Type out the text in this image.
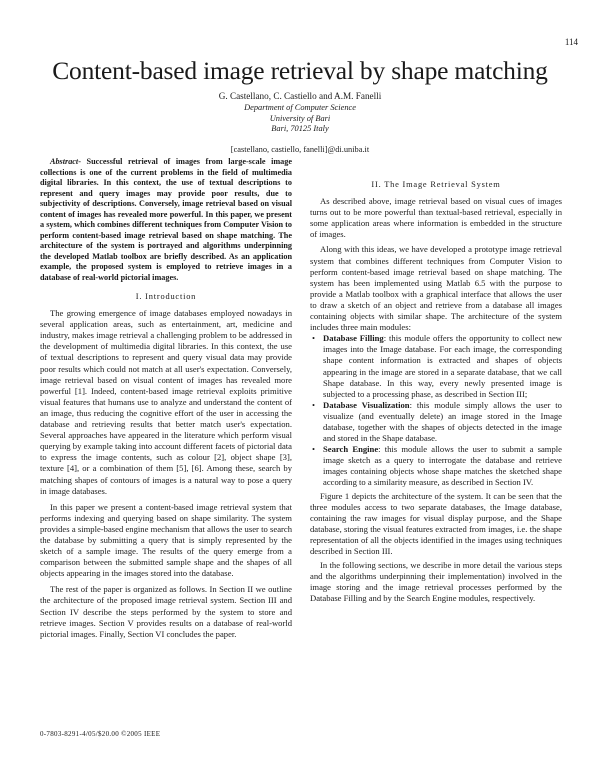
114
Content-based image retrieval by shape matching
G. Castellano, C. Castiello and A.M. Fanelli
Department of Computer Science
University of Bari
Bari, 70125 Italy
[castellano, castiello, fanelli]@di.uniba.it

Abstract- Successful retrieval of images from large-scale image collections is one of the current problems in the field of multimedia digital libraries. In this context, the use of textual descriptions to represent and query images may provide poor results, due to subjectivity of descriptions. Conversely, image retrieval based on visual content of images has revealed more powerful. In this paper, we present a system, which combines different techniques from Computer Vision to perform content-based image retrieval based on shape matching. The architecture of the system is portrayed and algorithms underpinning the developed Matlab toolbox are briefly described. As an application example, the proposed system is employed to retrieve images in a database of real-world pictorial images.

I. Introduction

The growing emergence of image databases employed nowadays in several application areas, such as entertainment, art, medicine and industry, makes image retrieval a challenging problem to be addressed in the development of multimedia digital libraries. In this context, the use of textual descriptions to represent and query visual data may provide poor results which could not match at all user's expectation. Conversely, image retrieval based on visual content of images has revealed more powerful [1]. Indeed, content-based image retrieval exploits primitive visual features that humans use to analyze and understand the content of an image, thus reducing the cognitive effort of the user in accessing the database and retrieving results that better match user's expectation. Several approaches have appeared in the literature which perform visual querying by example taking into account different facets of pictorial data to express the image contents, such as colour [2], object shape [3], texture [4], or a combination of them [5], [6]. Among these, search by matching shapes of contours of images is a natural way to pose a query in image databases.

In this paper we present a content-based image retrieval system that performs indexing and querying based on shape similarity. The system provides a simple-based engine mechanism that allows the user to search the database by submitting a query that is simply represented by the sketch of a sample image. The results of the query emerge from a comparison between the submitted sample shape and the shapes of all objects appearing in the images stored into the database.

The rest of the paper is organized as follows. In Section II we outline the architecture of the proposed image retrieval system. Section III and Section IV describe the steps performed by the system to store and retrieve images. Section V provides results on a database of real-world pictorial images. Finally, Section VI concludes the paper.

II. The Image Retrieval System

As described above, image retrieval based on visual cues of images turns out to be more powerful than textual-based retrieval, especially in some application areas where information is embedded in the structure of images.

Along with this ideas, we have developed a prototype image retrieval system that combines different techniques from Computer Vision to perform content-based image retrieval based on shape matching. The system has been implemented using Matlab 6.5 with the purpose to provide a Matlab toolbox with a graphical interface that allows the user to draw a sketch of an object and retrieve from a database all images containing objects with similar shape. The architecture of the system includes three main modules:

• Database Filling: this module offers the opportunity to collect new images into the Image database. For each image, the corresponding shape content information is extracted and shapes of objects appearing in the image are stored in a separate database, that we call Shape database. In this way, every newly presented image is subjected to a processing phase, as described in Section III;
• Database Visualization: this module simply allows the user to visualize (and eventually delete) an image stored in the Image database, together with the shapes of objects detected in the image and stored in the Shape database.
• Search Engine: this module allows the user to submit a sample image sketch as a query to interrogate the database and retrieve images containing objects whose shape matches the sketched shape according to a similarity measure, as described in Section IV.

Figure 1 depicts the architecture of the system. It can be seen that the three modules access to two separate databases, the Image database, containing the raw images for visual display purpose, and the Shape database, storing the visual features extracted from images, i.e. the shape representation of all the objects identified in the images using techniques described in Section III.

In the following sections, we describe in more detail the various steps and the algorithms underpinning their implementation) involved in the image storing and the image retrieval processes performed by the Database Filling and by the Search Engine modules, respectively.

0-7803-8291-4/05/$20.00 ©2005 IEEE
